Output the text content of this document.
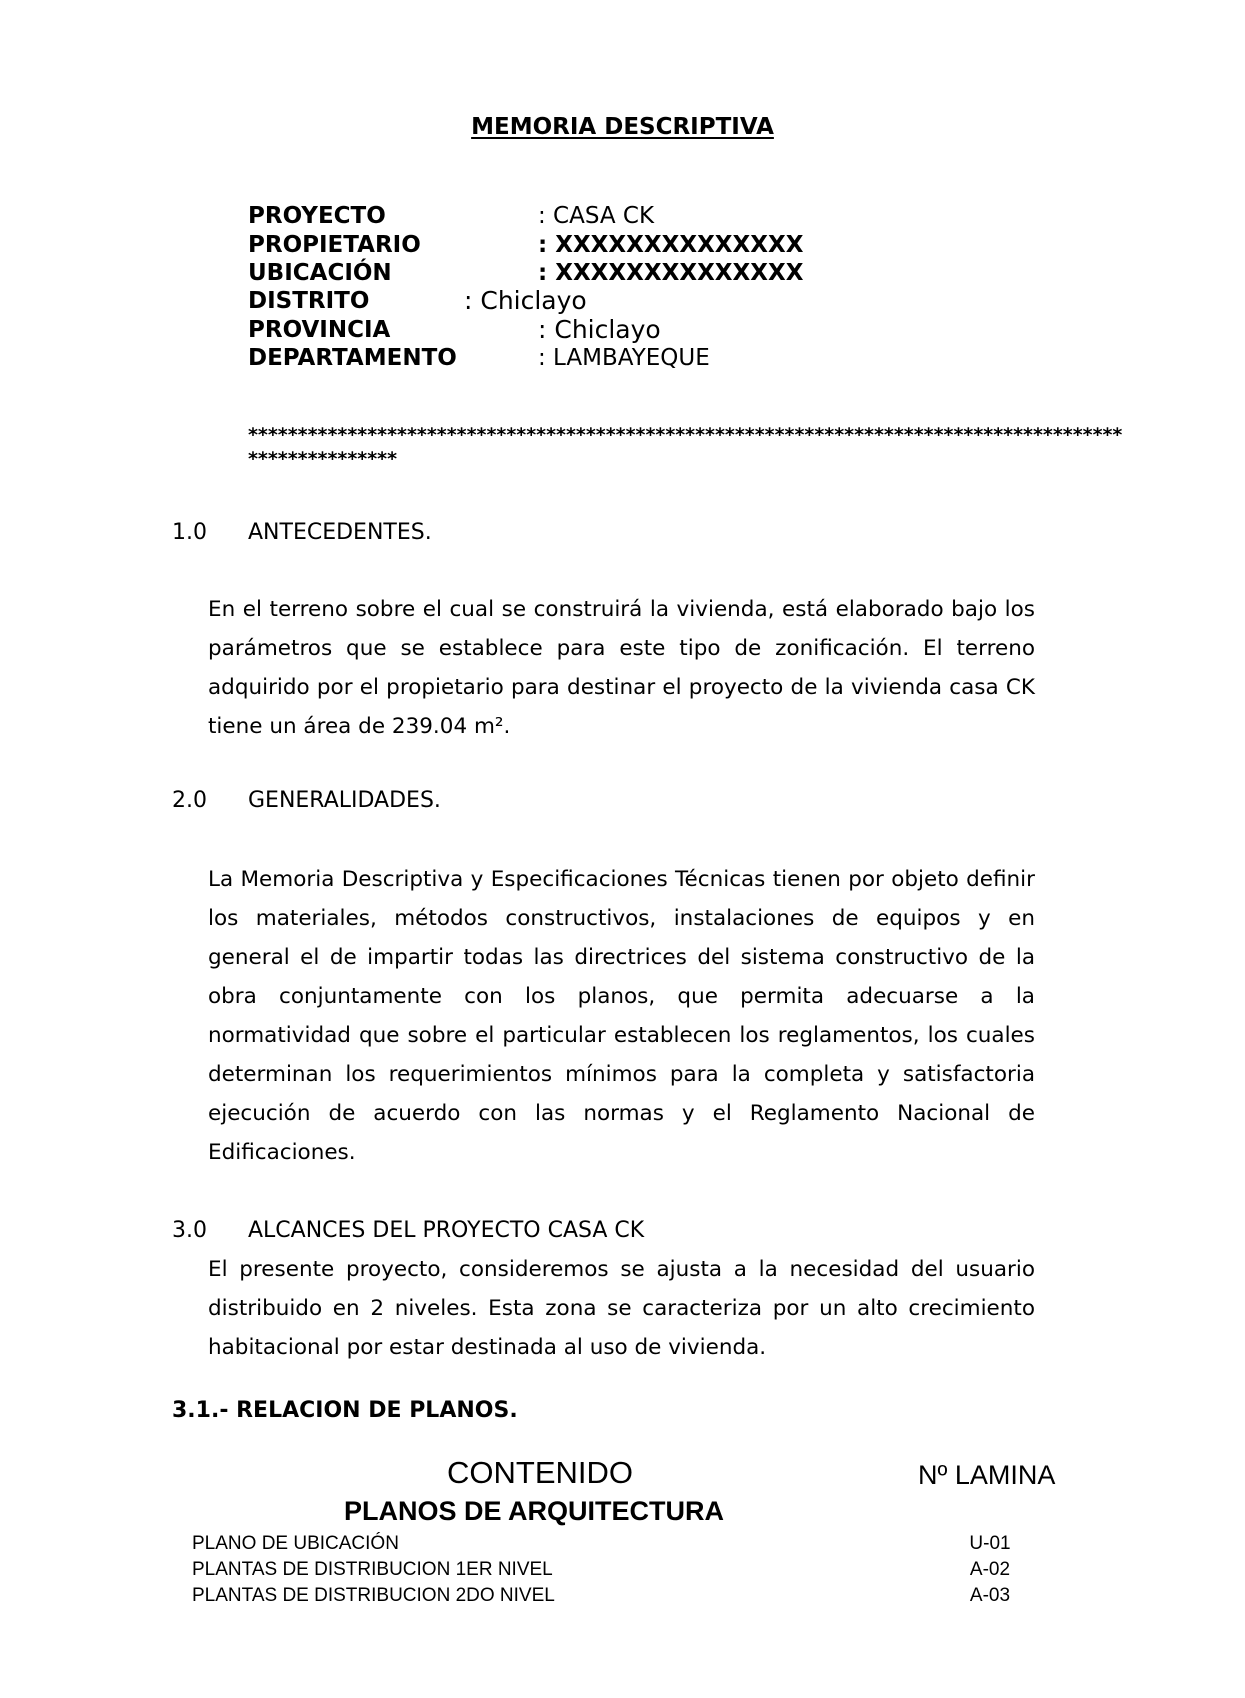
MEMORIA DESCRIPTIVA
PROYECTO	: CASA CK
PROPIETARIO	: XXXXXXXXXXXXXX
UBICACIÓN	: XXXXXXXXXXXXXX
DISTRITO	: Chiclayo
PROVINCIA	: Chiclayo
DEPARTAMENTO	: LAMBAYEQUE
****************************************************************************************
***************
1.0 ANTECEDENTES.
En el terreno sobre el cual se construirá la vivienda, está elaborado bajo los parámetros que se establece para este tipo de zonificación. El terreno adquirido por el propietario para destinar el proyecto de la vivienda casa CK tiene un área de 239.04 m².
2.0 GENERALIDADES.
La Memoria Descriptiva y Especificaciones Técnicas tienen por objeto definir los materiales, métodos constructivos, instalaciones de equipos y en general el de impartir todas las directrices del sistema constructivo de la obra conjuntamente con los planos, que permita adecuarse a la normatividad que sobre el particular establecen los reglamentos, los cuales determinan los requerimientos mínimos para la completa y satisfactoria ejecución de acuerdo con las normas y el Reglamento Nacional de Edificaciones.
3.0 ALCANCES DEL PROYECTO CASA CK
El presente proyecto, consideremos se ajusta a la necesidad del usuario distribuido en 2 niveles. Esta zona se caracteriza por un alto crecimiento habitacional por estar destinada al uso de vivienda.
3.1.- RELACION DE PLANOS.
CONTENIDO	Nº LAMINA
PLANOS DE ARQUITECTURA
PLANO DE UBICACIÓN	U-01
PLANTAS DE DISTRIBUCION 1ER NIVEL	A-02
PLANTAS DE DISTRIBUCION 2DO NIVEL	A-03
